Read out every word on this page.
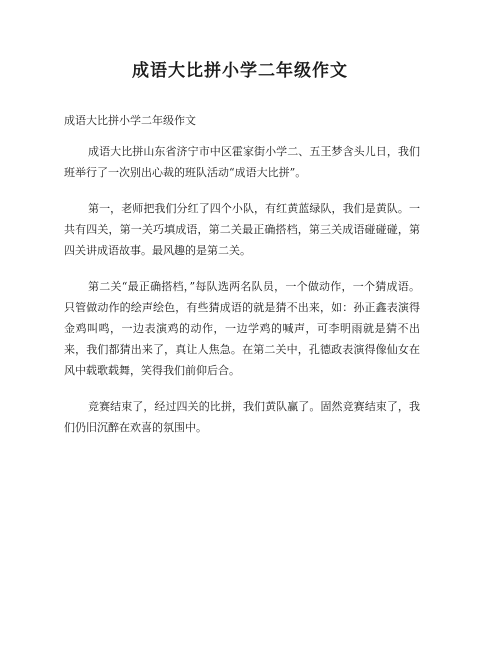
成语大比拼小学二年级作文

成语大比拼小学二年级作文

成语大比拼山东省济宁市中区霍家街小学二、五王梦含头儿日，我们班举行了一次别出心裁的班队活动“成语大比拼”。

第一，老师把我们分红了四个小队，有红黄蓝绿队，我们是黄队。一共有四关，第一关巧填成语，第二关最正确搭档，第三关成语碰碰碰，第四关讲成语故事。最风趣的是第二关。

第二关“最正确搭档，”每队选两名队员，一个做动作，一个猜成语。只管做动作的绘声绘色，有些猜成语的就是猜不出来，如：孙正鑫表演得金鸡叫鸣，一边表演鸡的动作，一边学鸡的喊声，可李明雨就是猜不出来，我们都猜出来了，真让人焦急。在第二关中，孔德政表演得像仙女在风中载歌载舞，笑得我们前仰后合。

竞赛结束了，经过四关的比拼，我们黄队赢了。固然竞赛结束了，我们仍旧沉醉在欢喜的氛围中。
